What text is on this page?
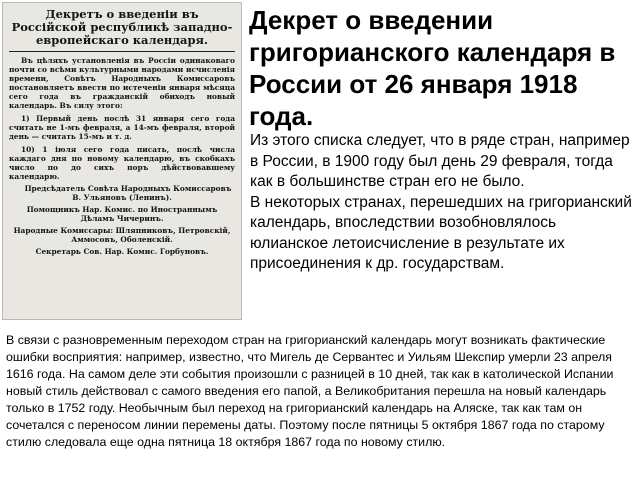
Декретъ о введеніи въ Россійской республикѣ западно-европейскаго календаря.
Въ цѣляхъ установленія въ Россіи одинаковаго почти со всѣми культурными народами исчисленія времени, Совѣтъ Народныхъ Комиссаровъ постановляетъ ввести по истеченіи января мѣсяца сего года въ гражданскій обиходъ новый календарь. Въ силу этого:
1) Первый день послѣ 31 января сего года считать не 1-мъ февраля, а 14-мъ февраля, второй день — считать 15-мъ и т. д.
10) 1 іюля сего года писать, послѣ числа каждаго дня по новому календарю, въ скобкахъ число по до сихъ поръ дѣйствовавшему календарю.
Предсѣдатель Совѣта Народныхъ Комиссаровъ В. Ульяновъ (Ленинъ).
Помощникъ Нар. Комис. по Иностраннымъ Дѣламъ Чичеринъ.
Народные Комиссары: Шляпниковъ, Петровскій, Аммосовъ, Оболенскій.
Секретарь Сов. Нар. Комис. Горбуновъ.
Декрет о введении григорианского календаря в России от 26 января 1918 года.

Из этого списка следует, что в ряде стран, например в России, в 1900 году был день 29 февраля, тогда как в большинстве стран его не было.

В некоторых странах, перешедших на григорианский календарь, впоследствии возобновлялось юлианское летоисчисление в результате их присоединения к др. государствам.

В связи с разновременным переходом стран на григорианский календарь могут возникать фактические ошибки восприятия: например, известно, что Мигель де Сервантес и Уильям Шекспир умерли 23 апреля 1616 года. На самом деле эти события произошли с разницей в 10 дней, так как в католической Испании новый стиль действовал с самого введения его папой, а Великобритания перешла на новый календарь только в 1752 году. Необычным был переход на григорианский календарь на Аляске, так как там он сочетался с переносом линии перемены даты. Поэтому после пятницы 5 октября 1867 года по старому стилю следовала еще одна пятница 18 октября 1867 года по новому стилю.
